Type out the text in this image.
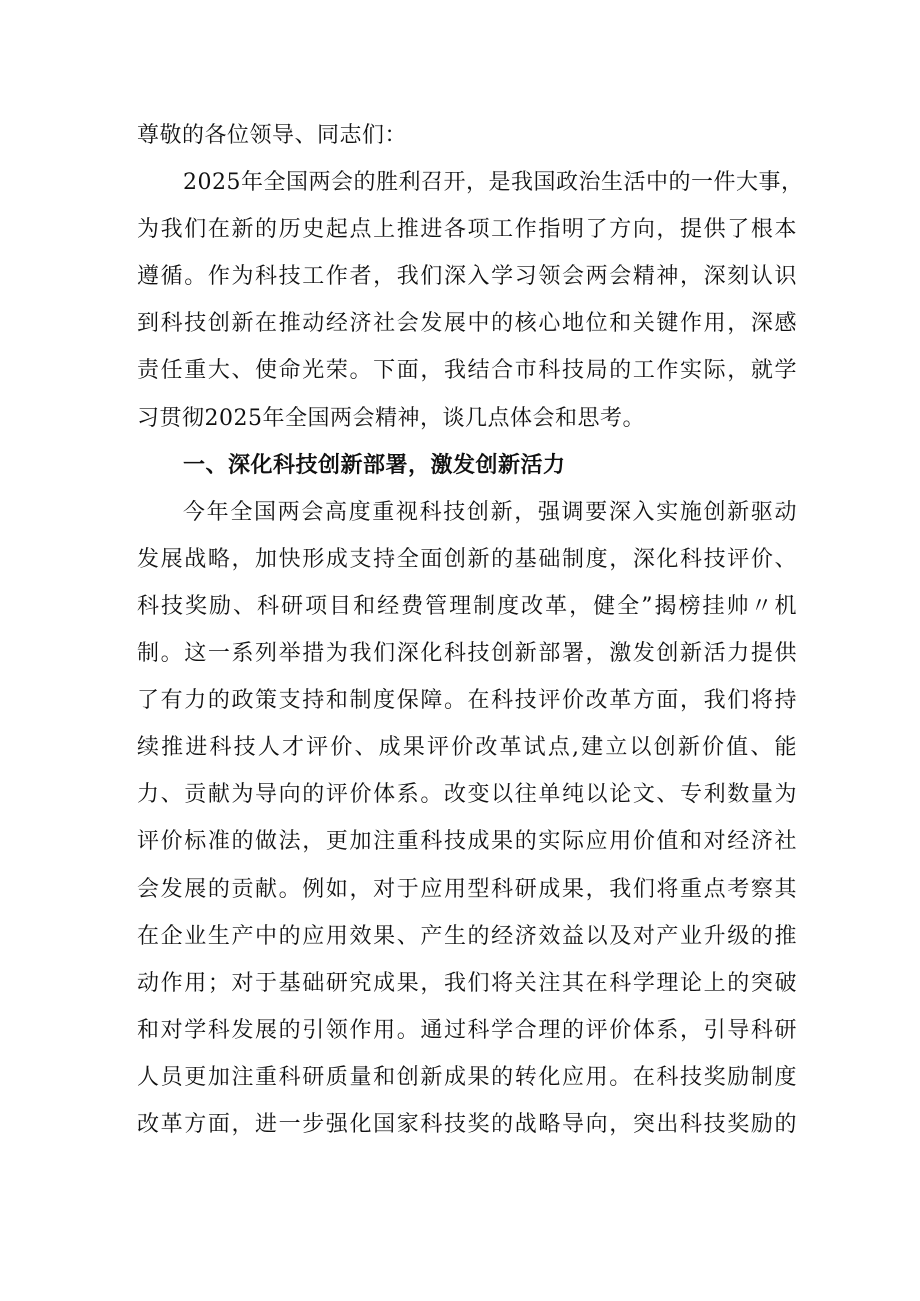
尊敬的各位领导、同志们：
2025年全国两会的胜利召开，是我国政治生活中的一件大事，
为我们在新的历史起点上推进各项工作指明了方向，提供了根本
遵循。作为科技工作者，我们深入学习领会两会精神，深刻认识
到科技创新在推动经济社会发展中的核心地位和关键作用，深感
责任重大、使命光荣。下面，我结合市科技局的工作实际，就学
习贯彻2025年全国两会精神，谈几点体会和思考。
一、深化科技创新部署，激发创新活力
今年全国两会高度重视科技创新，强调要深入实施创新驱动
发展战略，加快形成支持全面创新的基础制度，深化科技评价、
科技奖励、科研项目和经费管理制度改革，健全”揭榜挂帅〃机
制。这一系列举措为我们深化科技创新部署，激发创新活力提供
了有力的政策支持和制度保障。在科技评价改革方面，我们将持
续推进科技人才评价、成果评价改革试点,建立以创新价值、能
力、贡献为导向的评价体系。改变以往单纯以论文、专利数量为
评价标准的做法，更加注重科技成果的实际应用价值和对经济社
会发展的贡献。例如，对于应用型科研成果，我们将重点考察其
在企业生产中的应用效果、产生的经济效益以及对产业升级的推
动作用；对于基础研究成果，我们将关注其在科学理论上的突破
和对学科发展的引领作用。通过科学合理的评价体系，引导科研
人员更加注重科研质量和创新成果的转化应用。在科技奖励制度
改革方面，进一步强化国家科技奖的战略导向，突出科技奖励的
